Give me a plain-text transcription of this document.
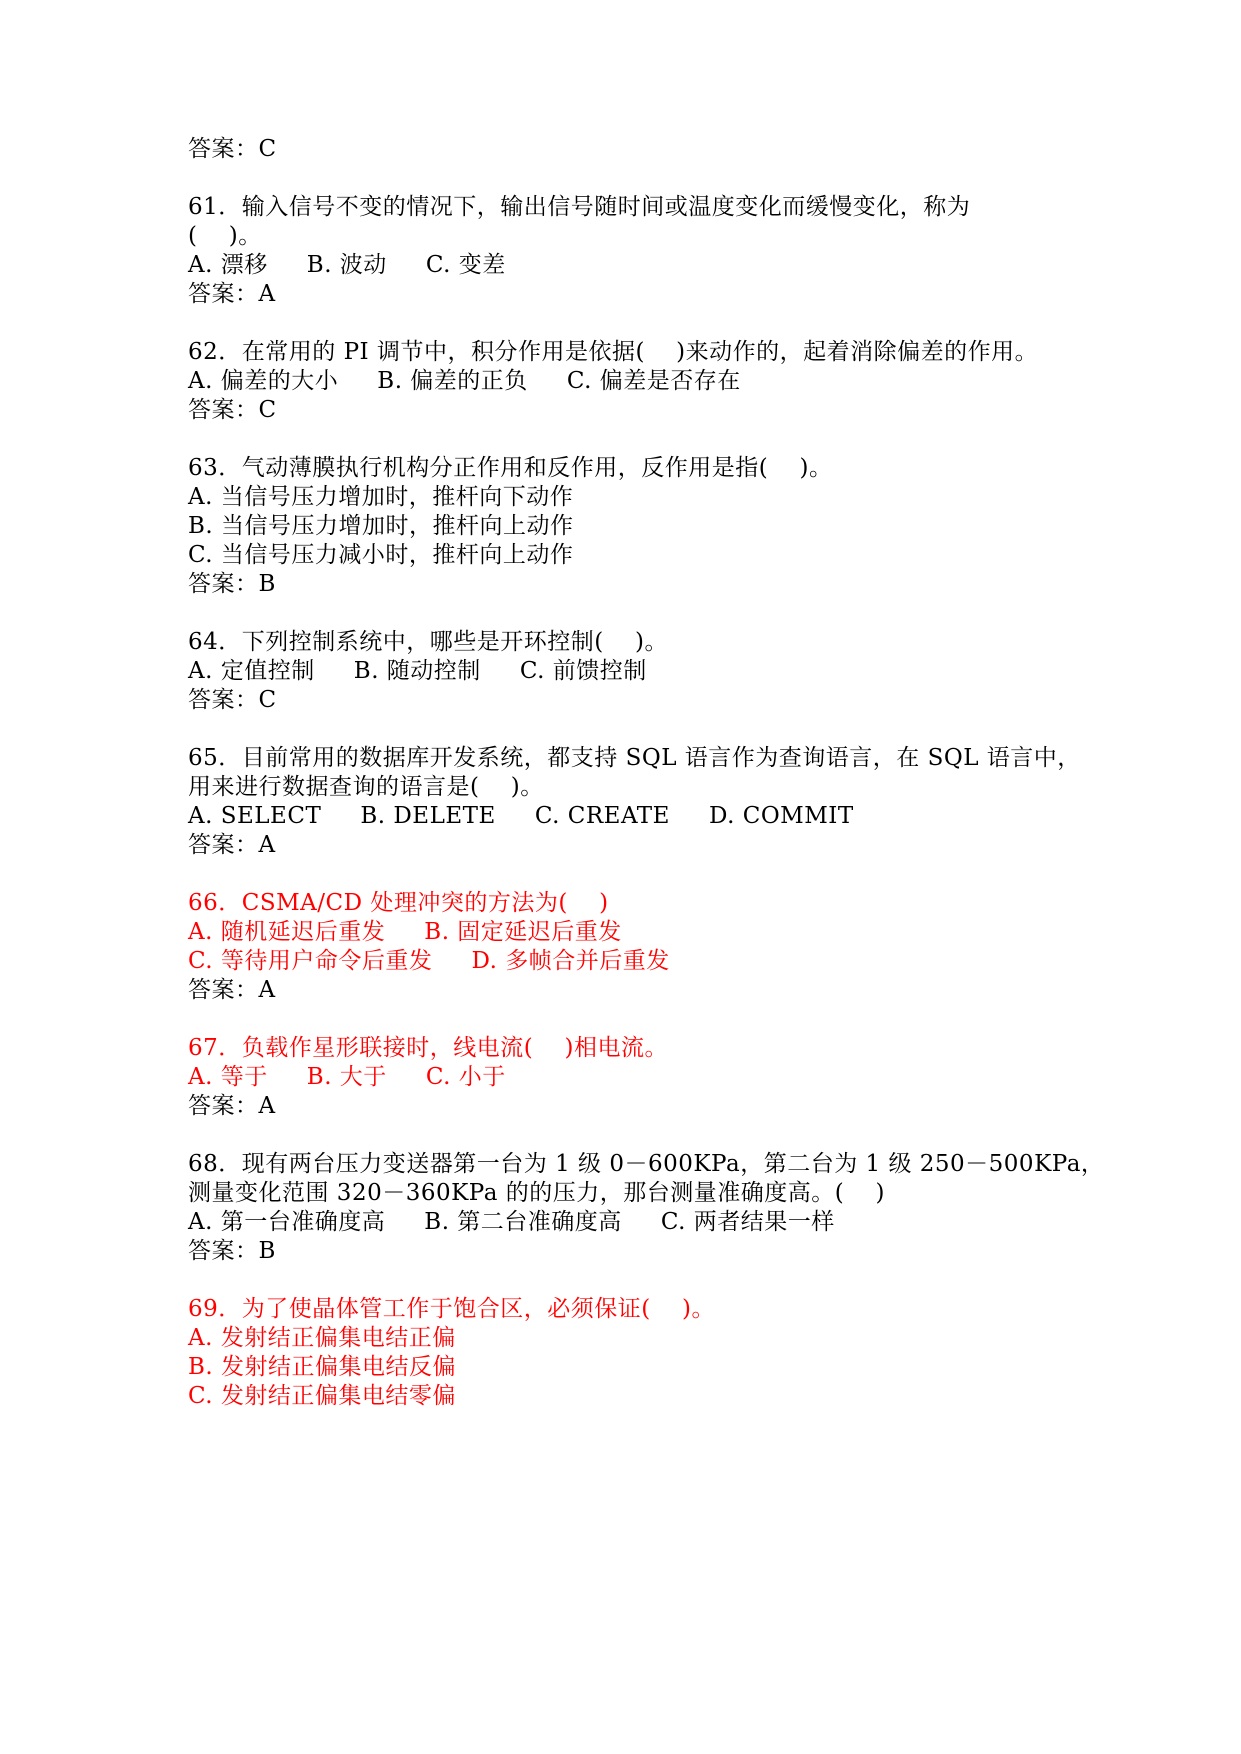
答案：C
61．输入信号不变的情况下，输出信号随时间或温度变化而缓慢变化，称为
(    )。
A. 漂移     B. 波动     C. 变差
答案：A
62．在常用的 PI 调节中，积分作用是依据(    )来动作的，起着消除偏差的作用。
A. 偏差的大小     B. 偏差的正负     C. 偏差是否存在
答案：C
63．气动薄膜执行机构分正作用和反作用，反作用是指(    )。
A. 当信号压力增加时，推杆向下动作
B. 当信号压力增加时，推杆向上动作
C. 当信号压力减小时，推杆向上动作
答案：B
64．下列控制系统中，哪些是开环控制(    )。
A. 定值控制     B. 随动控制     C. 前馈控制
答案：C
65．目前常用的数据库开发系统，都支持 SQL 语言作为查询语言，在 SQL 语言中，
用来进行数据查询的语言是(    )。
A. SELECT     B. DELETE     C. CREATE     D. COMMIT
答案：A
66．CSMA/CD 处理冲突的方法为(    )
A. 随机延迟后重发     B. 固定延迟后重发
C. 等待用户命令后重发     D. 多帧合并后重发
答案：A
67．负载作星形联接时，线电流(    )相电流。
A. 等于     B. 大于     C. 小于
答案：A
68．现有两台压力变送器第一台为 1 级 0－600KPa，第二台为 1 级 250－500KPa，
测量变化范围 320－360KPa 的的压力，那台测量准确度高。(    )
A. 第一台准确度高     B. 第二台准确度高     C. 两者结果一样
答案：B
69．为了使晶体管工作于饱合区，必须保证(    )。
A. 发射结正偏集电结正偏
B. 发射结正偏集电结反偏
C. 发射结正偏集电结零偏
